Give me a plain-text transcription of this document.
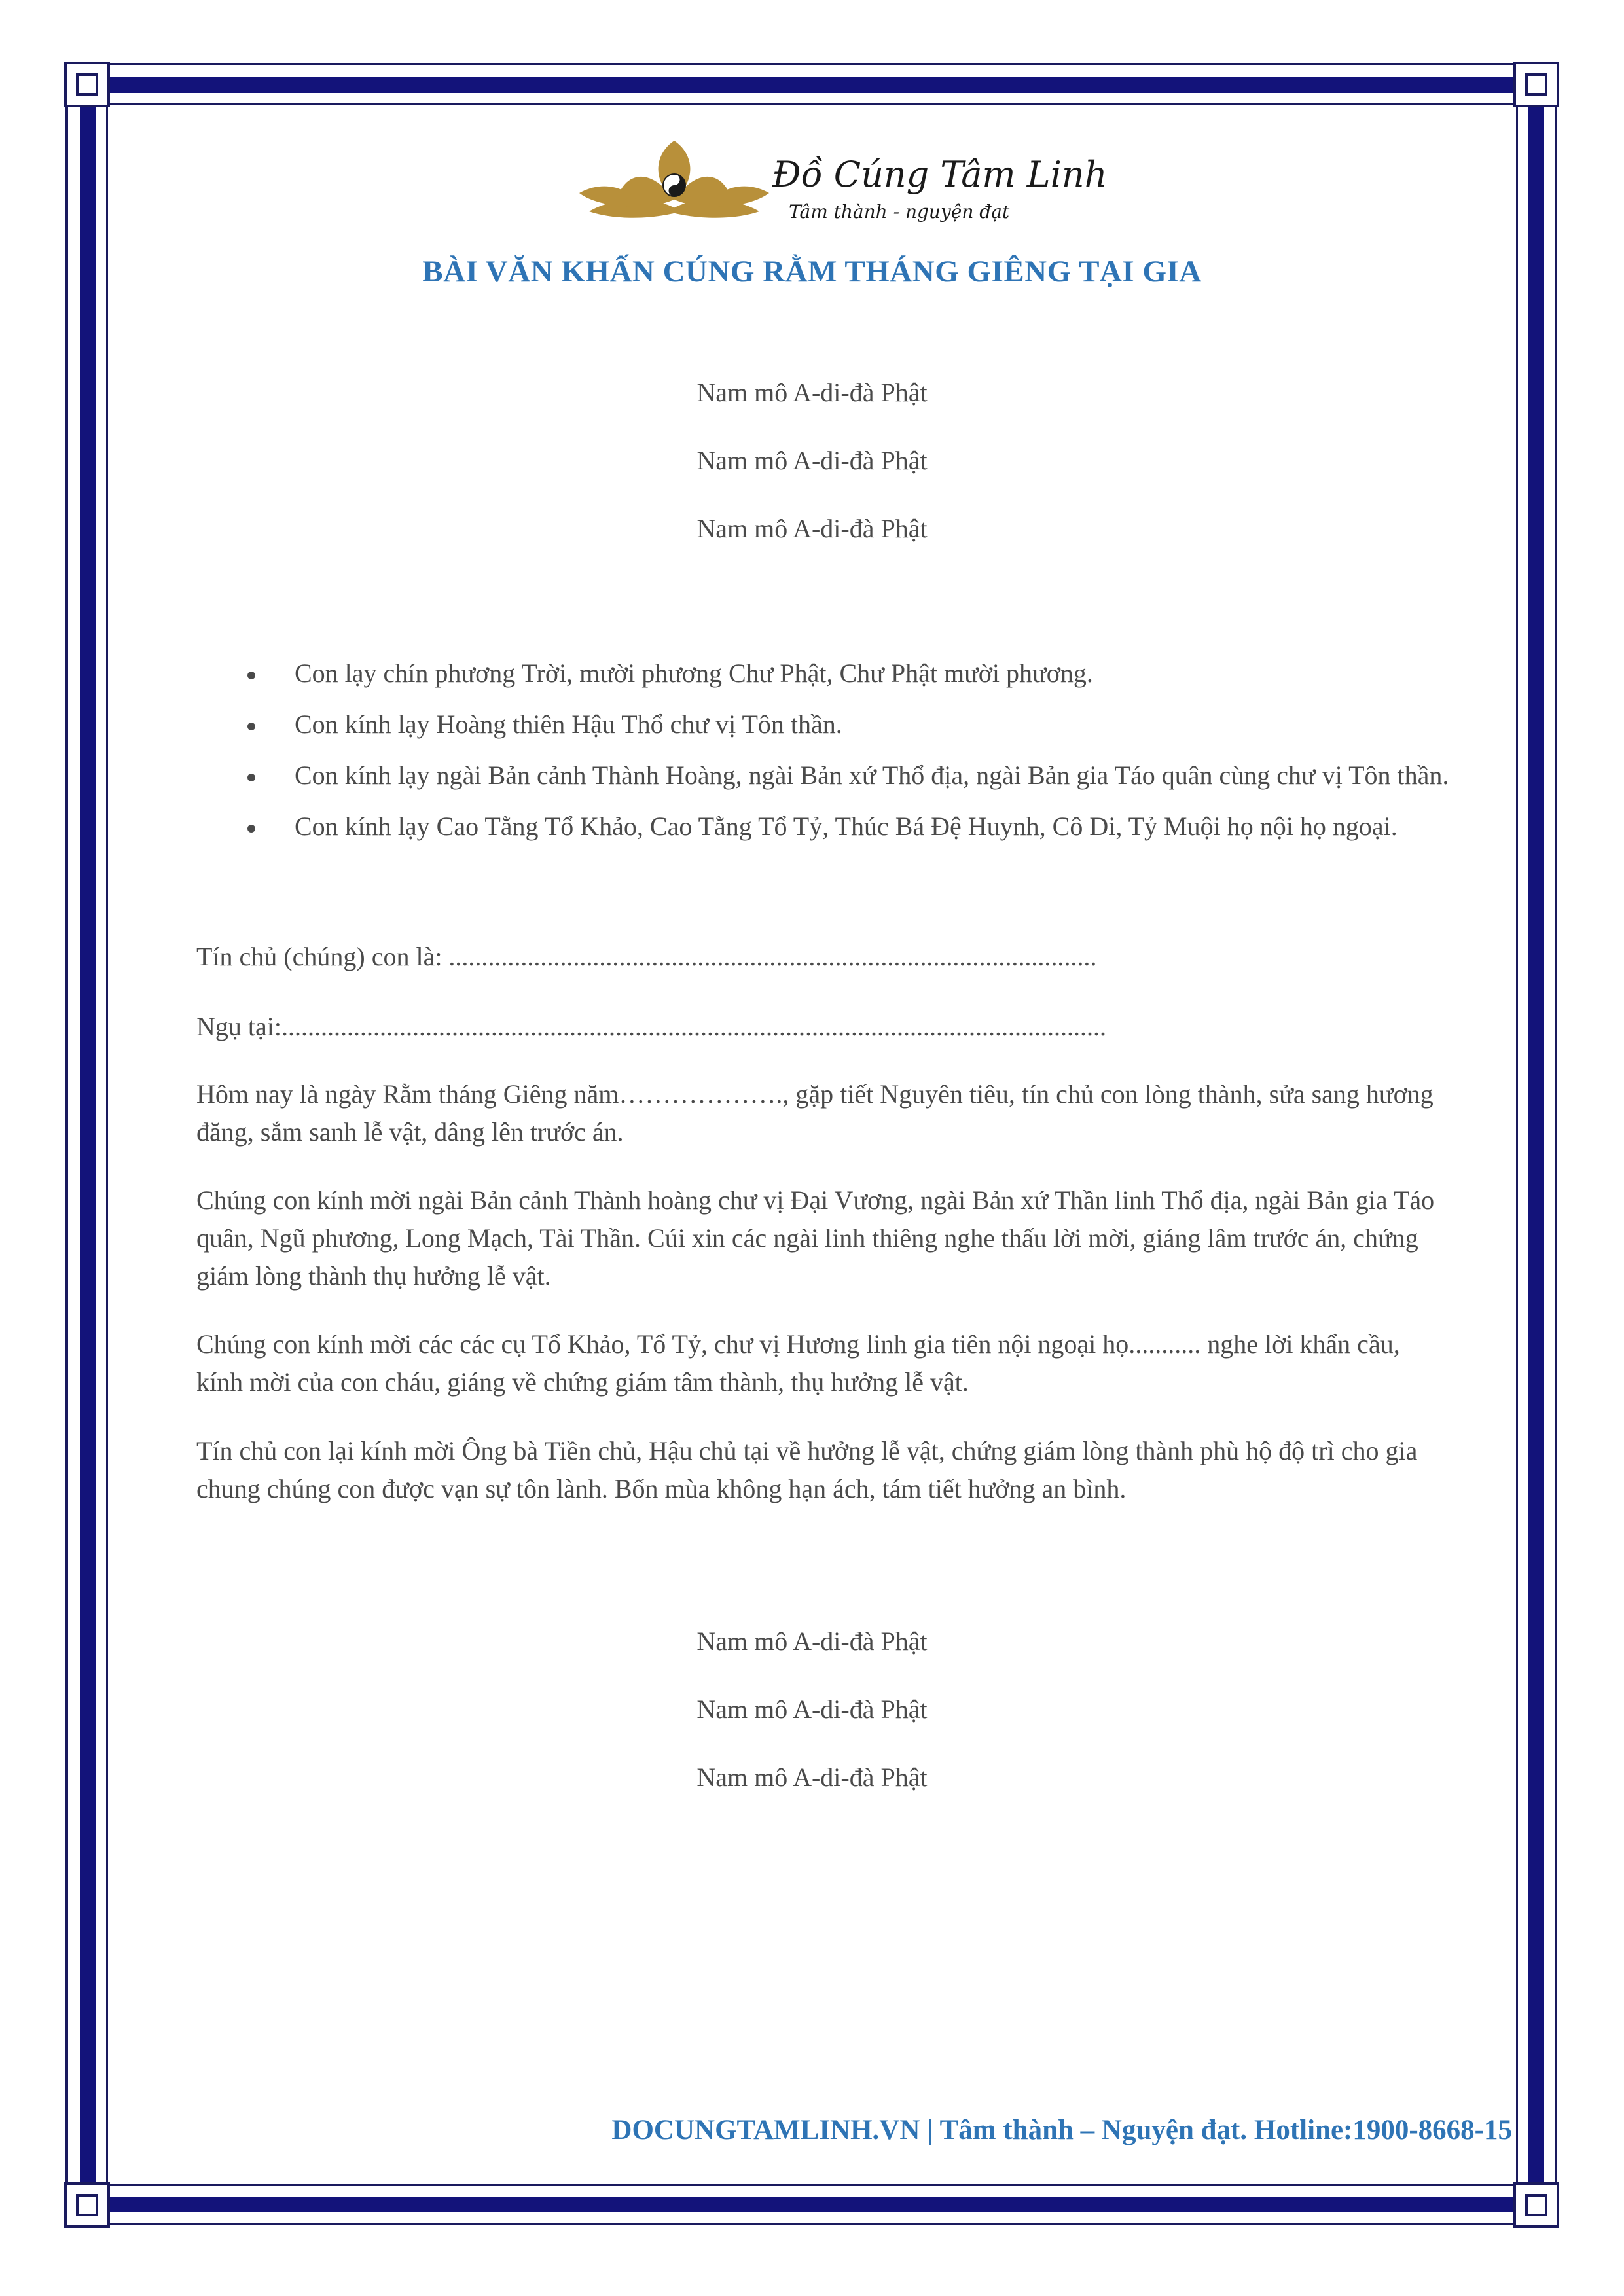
Đồ Cúng Tâm Linh
Tâm thành - nguyện đạt
BÀI VĂN KHẤN CÚNG RẰM THÁNG GIÊNG TẠI GIA
Nam mô A-di-đà Phật
Nam mô A-di-đà Phật
Nam mô A-di-đà Phật
Con lạy chín phương Trời, mười phương Chư Phật, Chư Phật mười phương.
Con kính lạy Hoàng thiên Hậu Thổ chư vị Tôn thần.
Con kính lạy ngài Bản cảnh Thành Hoàng, ngài Bản xứ Thổ địa, ngài Bản gia Táo quân cùng chư vị Tôn thần.
Con kính lạy Cao Tằng Tổ Khảo, Cao Tằng Tổ Tỷ, Thúc Bá Đệ Huynh, Cô Di, Tỷ Muội họ nội họ ngoại.
Tín chủ (chúng) con là: ...................................................................................................
Ngụ tại:..............................................................................................................................

Hôm nay là ngày Rằm tháng Giêng năm………………., gặp tiết Nguyên tiêu, tín chủ con lòng thành, sửa sang hương đăng, sắm sanh lễ vật, dâng lên trước án.

Chúng con kính mời ngài Bản cảnh Thành hoàng chư vị Đại Vương, ngài Bản xứ Thần linh Thổ địa, ngài Bản gia Táo quân, Ngũ phương, Long Mạch, Tài Thần. Cúi xin các ngài linh thiêng nghe thấu lời mời, giáng lâm trước án, chứng giám lòng thành thụ hưởng lễ vật.

Chúng con kính mời các các cụ Tổ Khảo, Tổ Tỷ, chư vị Hương linh gia tiên nội ngoại họ........... nghe lời khẩn cầu, kính mời của con cháu, giáng về chứng giám tâm thành, thụ hưởng lễ vật.

Tín chủ con lại kính mời Ông bà Tiền chủ, Hậu chủ tại về hưởng lễ vật, chứng giám lòng thành phù hộ độ trì cho gia chung chúng con được vạn sự tôn lành. Bốn mùa không hạn ách, tám tiết hưởng an bình.

Nam mô A-di-đà Phật
Nam mô A-di-đà Phật
Nam mô A-di-đà Phật
DOCUNGTAMLINH.VN | Tâm thành – Nguyện đạt. Hotline:1900-8668-15
